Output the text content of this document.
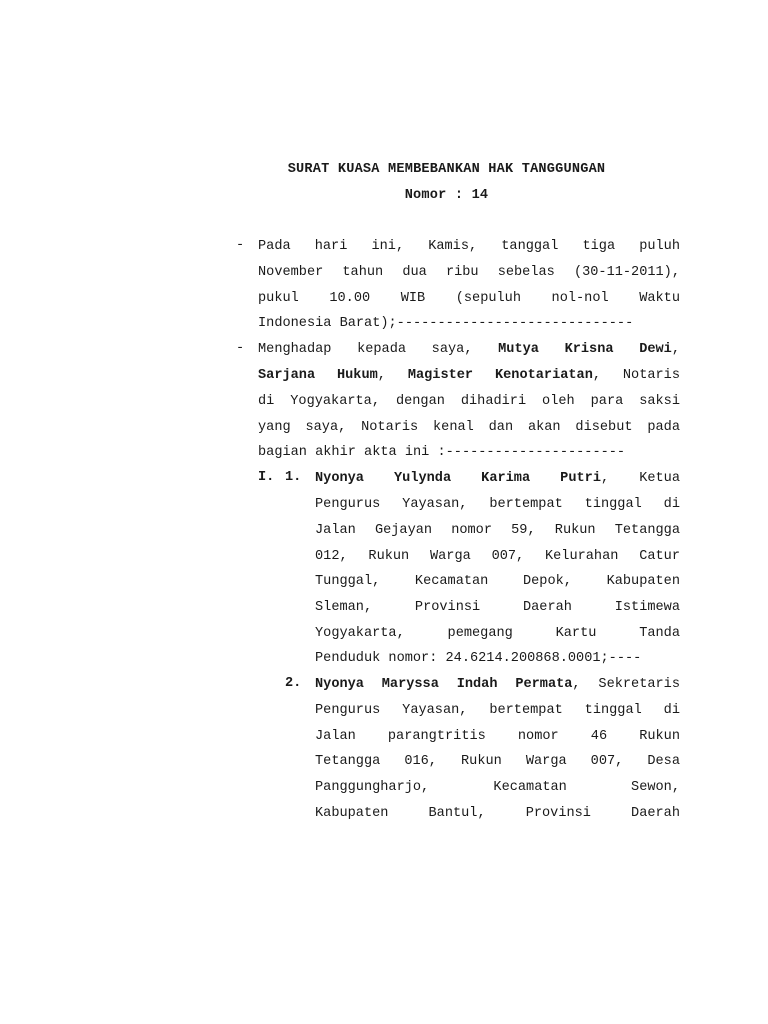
SURAT KUASA MEMBEBANKAN HAK TANGGUNGAN
Nomor : 14
- Pada hari ini, Kamis, tanggal tiga puluh
November tahun dua ribu sebelas (30-11-2011),
pukul 10.00 WIB (sepuluh nol-nol Waktu
Indonesia Barat);-----------------------------
- Menghadap kepada saya, Mutya Krisna Dewi,
Sarjana Hukum, Magister Kenotariatan, Notaris
di Yogyakarta, dengan dihadiri oleh para saksi
yang saya, Notaris kenal dan akan disebut pada
bagian akhir akta ini :----------------------
I. 1. Nyonya Yulynda Karima Putri, Ketua
Pengurus Yayasan, bertempat tinggal di
Jalan Gejayan nomor 59, Rukun Tetangga
012, Rukun Warga 007, Kelurahan Catur
Tunggal, Kecamatan Depok, Kabupaten
Sleman, Provinsi Daerah Istimewa
Yogyakarta, pemegang Kartu Tanda
Penduduk nomor: 24.6214.200868.0001;----
2. Nyonya Maryssa Indah Permata, Sekretaris
Pengurus Yayasan, bertempat tinggal di
Jalan parangtritis nomor 46 Rukun
Tetangga 016, Rukun Warga 007, Desa
Panggungharjo, Kecamatan Sewon,
Kabupaten Bantul, Provinsi Daerah
